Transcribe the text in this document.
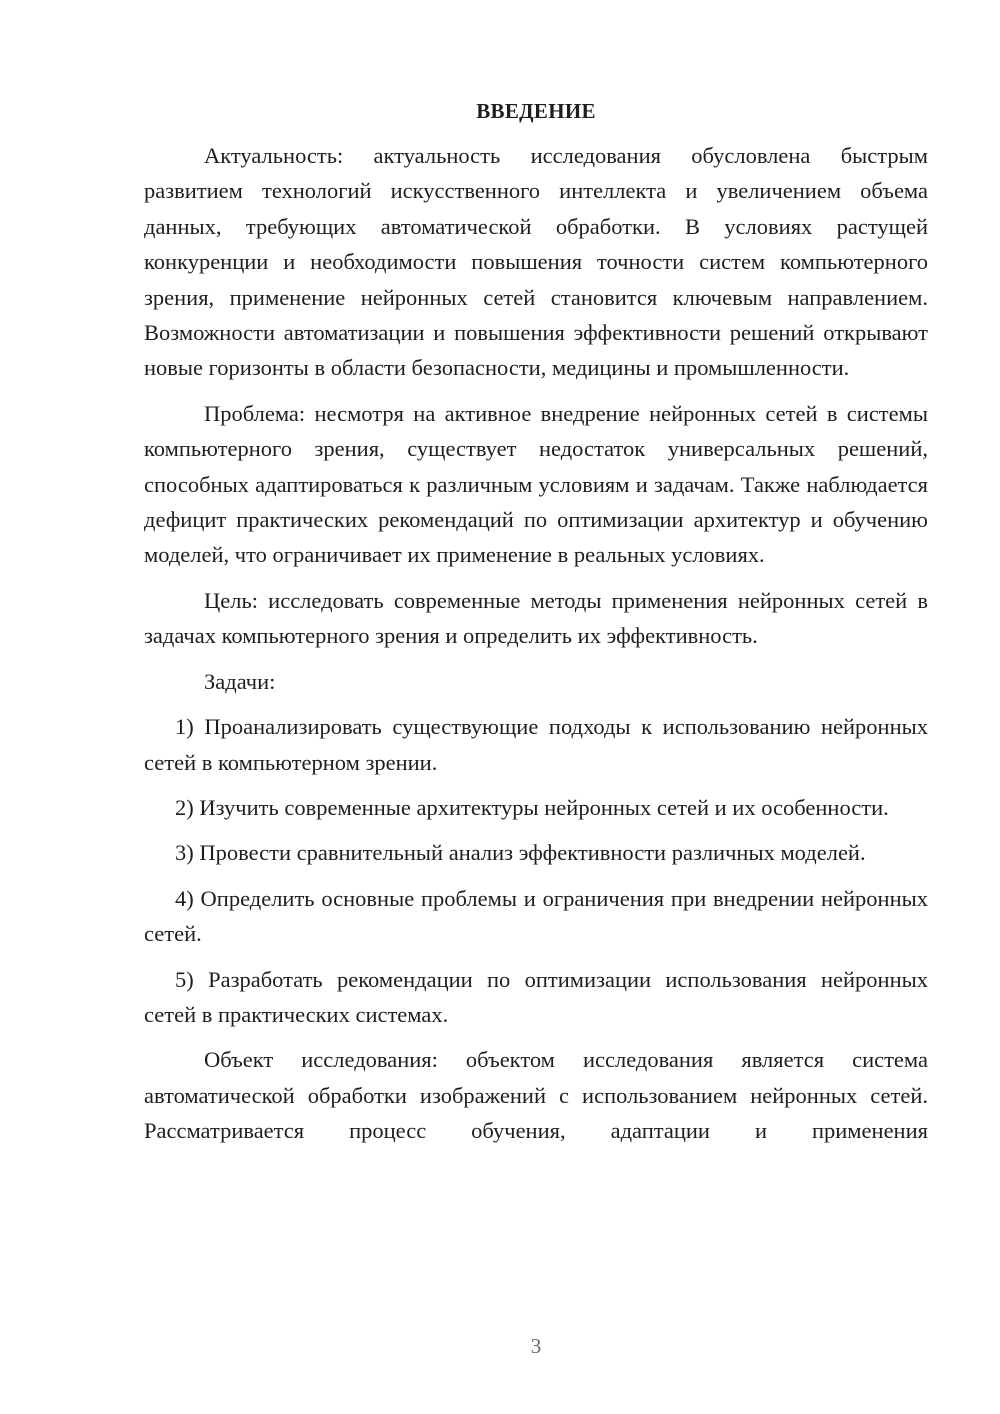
ВВЕДЕНИЕ

Актуальность: актуальность исследования обусловлена быстрым развитием технологий искусственного интеллекта и увеличением объема данных, требующих автоматической обработки. В условиях растущей конкуренции и необходимости повышения точности систем компьютерного зрения, применение нейронных сетей становится ключевым направлением. Возможности автоматизации и повышения эффективности решений открывают новые горизонты в области безопасности, медицины и промышленности.

Проблема: несмотря на активное внедрение нейронных сетей в системы компьютерного зрения, существует недостаток универсальных решений, способных адаптироваться к различным условиям и задачам. Также наблюдается дефицит практических рекомендаций по оптимизации архитектур и обучению моделей, что ограничивает их применение в реальных условиях.

Цель: исследовать современные методы применения нейронных сетей в задачах компьютерного зрения и определить их эффективность.

Задачи:

1) Проанализировать существующие подходы к использованию нейронных сетей в компьютерном зрении.

2) Изучить современные архитектуры нейронных сетей и их особенности.

3) Провести сравнительный анализ эффективности различных моделей.

4) Определить основные проблемы и ограничения при внедрении нейронных сетей.

5) Разработать рекомендации по оптимизации использования нейронных сетей в практических системах.

Объект исследования: объектом исследования является система автоматической обработки изображений с использованием нейронных сетей. Рассматривается процесс обучения, адаптации и применения

3
